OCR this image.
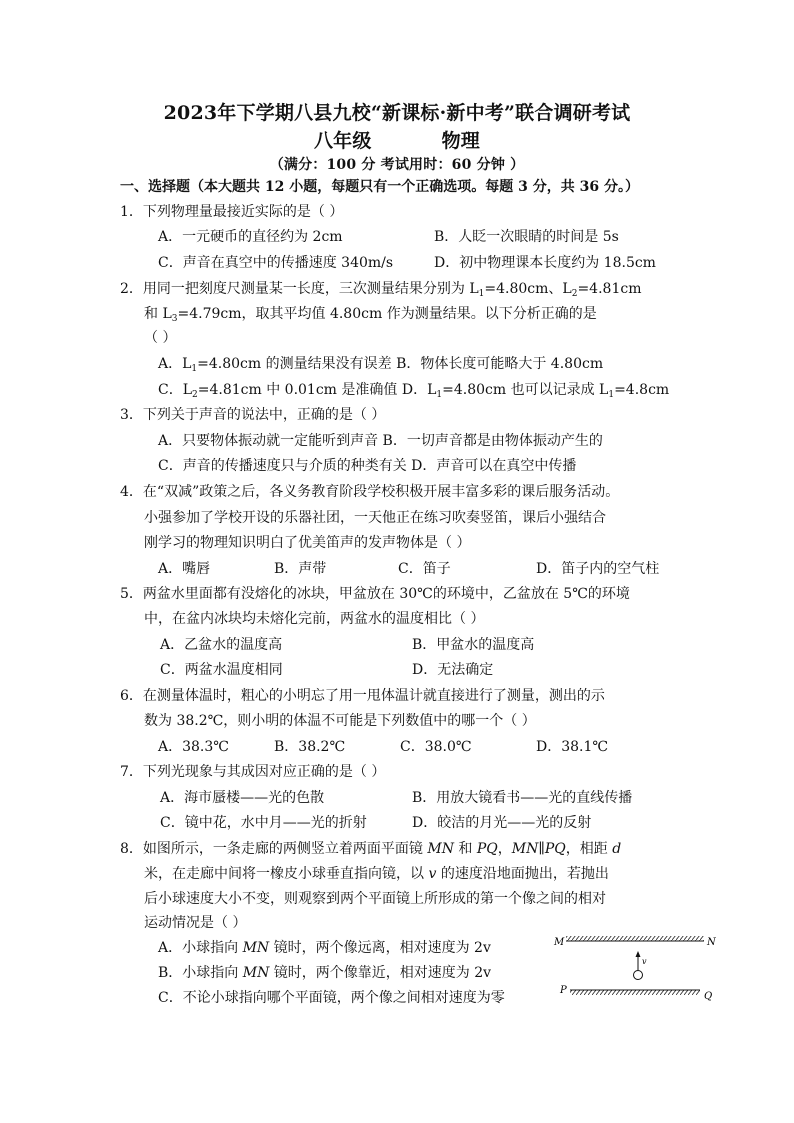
2023年下学期八县九校“新课标·新中考”联合调研考试
八年级	物理
（满分：100 分 考试用时：60 分钟 ）
一、选择题（本大题共 12 小题，每题只有一个正确选项。每题 3 分，共 36 分。）
1．下列物理量最接近实际的是（ ）
A．一元硬币的直径约为 2cm	B．人眨一次眼睛的时间是 5s
C．声音在真空中的传播速度 340m/s	D．初中物理课本长度约为 18.5cm
2．用同一把刻度尺测量某一长度，三次测量结果分别为 $L_1=4.80cm$、$L_2=4.81cm$
和 $L_3=4.79cm$，取其平均值 4.80cm 作为测量结果。以下分析正确的是
（ ）
A．$L_1=4.80cm$ 的测量结果没有误差 B．物体长度可能略大于 4.80cm
C．$L_2=4.81cm$ 中 0.01cm 是准确值 D．$L_1=4.80cm$ 也可以记录成 $L_1=4.8cm$
3．下列关于声音的说法中，正确的是（ ）
A．只要物体振动就一定能听到声音 B．一切声音都是由物体振动产生的
C．声音的传播速度只与介质的种类有关 D．声音可以在真空中传播
4．在“双减”政策之后，各义务教育阶段学校积极开展丰富多彩的课后服务活动。
小强参加了学校开设的乐器社团，一天他正在练习吹奏竖笛，课后小强结合
刚学习的物理知识明白了优美笛声的发声物体是（ ）
A．嘴唇	B．声带	C．笛子	D．笛子内的空气柱
5．两盆水里面都有没熔化的冰块，甲盆放在 30℃的环境中，乙盆放在 5℃的环境
中，在盆内冰块均未熔化完前，两盆水的温度相比（ ）
A．乙盆水的温度高	B．甲盆水的温度高
C．两盆水温度相同	D．无法确定
6．在测量体温时，粗心的小明忘了用一甩体温计就直接进行了测量，测出的示
数为 38.2℃，则小明的体温不可能是下列数值中的哪一个（ ）
A．38.3℃	B．38.2℃	C．38.0℃	D．38.1℃
7．下列光现象与其成因对应正确的是（ ）
A．海市蜃楼——光的色散	B．用放大镜看书——光的直线传播
C．镜中花，水中月——光的折射	D．皎洁的月光——光的反射
8．如图所示，一条走廊的两侧竖立着两面平面镜 MN 和 PQ，MN∥PQ，相距 d
米，在走廊中间将一橡皮小球垂直指向镜，以 v 的速度沿地面抛出，若抛出
后小球速度大小不变，则观察到两个平面镜上所形成的第一个像之间的相对
运动情况是（ ）
A．小球指向 MN 镜时，两个像远离，相对速度为 2v
B．小球指向 MN 镜时，两个像靠近，相对速度为 2v
C．不论小球指向哪个平面镜，两个像之间相对速度为零
M	N
v
P
Q
